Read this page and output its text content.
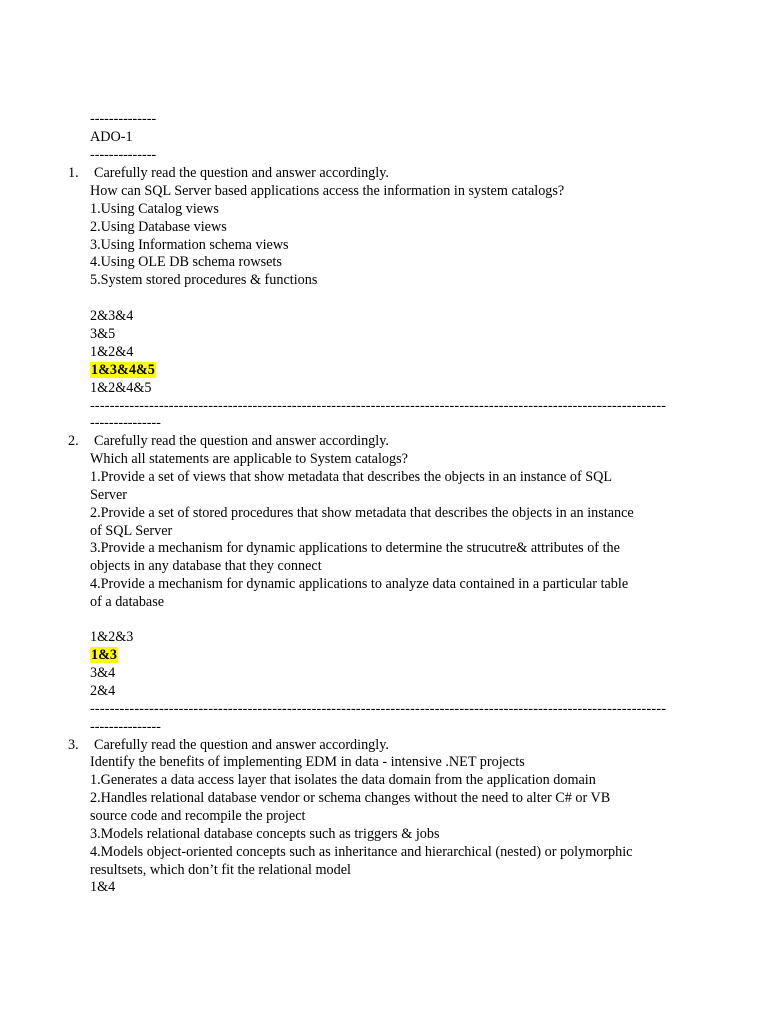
--------------
ADO-1
--------------
1. Carefully read the question and answer accordingly.
How can SQL Server based applications access the information in system catalogs?
1.Using Catalog views
2.Using Database views
3.Using Information schema views
4.Using OLE DB schema rowsets
5.System stored procedures & functions
2&3&4
3&5
1&2&4
1&3&4&5
1&2&4&5
---------------------------------------------------------------------------------------------------------------------
---------------
2. Carefully read the question and answer accordingly.
Which all statements are applicable to System catalogs?
1.Provide a set of views that show metadata that describes the objects in an instance of SQL
Server
2.Provide a set of stored procedures that show metadata that describes the objects in an instance
of SQL Server
3.Provide a mechanism for dynamic applications to determine the strucutre& attributes of the
objects in any database that they connect
4.Provide a mechanism for dynamic applications to analyze data contained in a particular table
of a database
1&2&3
1&3
3&4
2&4
---------------------------------------------------------------------------------------------------------------------
---------------
3. Carefully read the question and answer accordingly.
Identify the benefits of implementing EDM in data - intensive .NET projects
1.Generates a data access layer that isolates the data domain from the application domain
2.Handles relational database vendor or schema changes without the need to alter C# or VB
source code and recompile the project
3.Models relational database concepts such as triggers & jobs
4.Models object-oriented concepts such as inheritance and hierarchical (nested) or polymorphic
resultsets, which don’t fit the relational model
1&4
